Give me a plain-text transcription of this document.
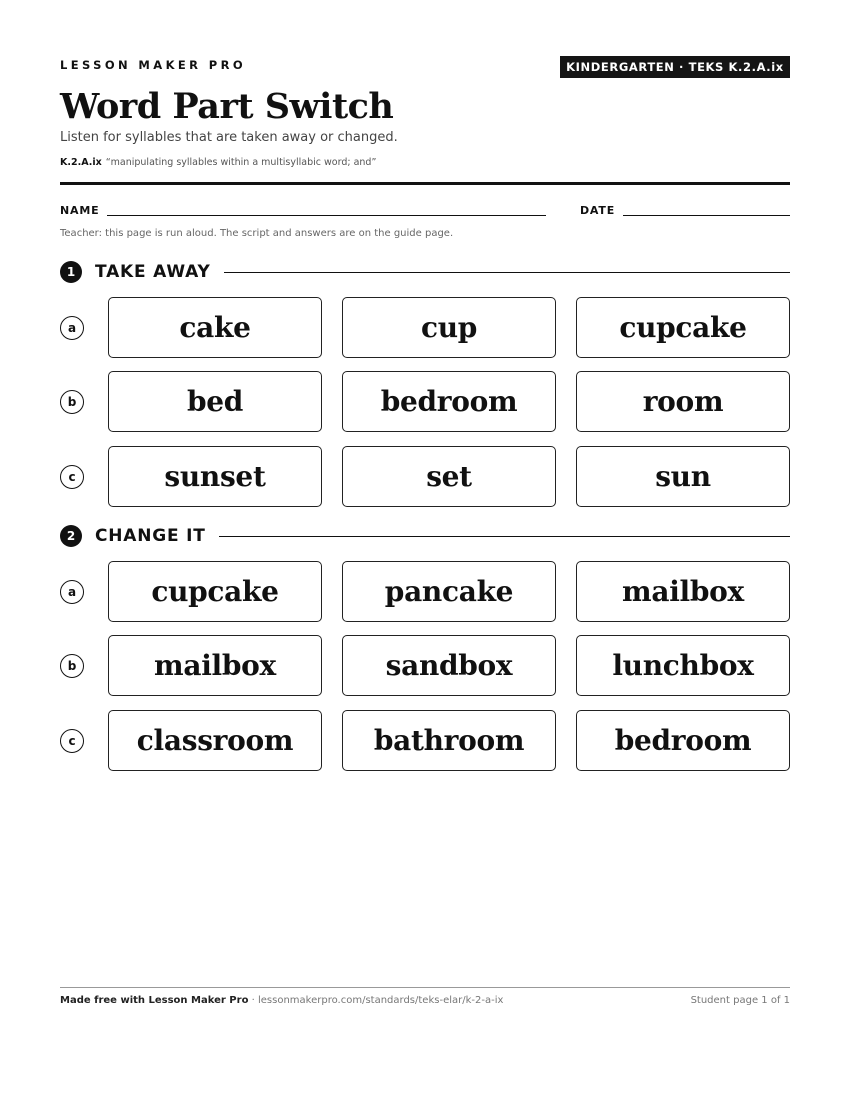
LESSON MAKER PRO	KINDERGARTEN · TEKS K.2.A.ix
Word Part Switch
Listen for syllables that are taken away or changed.
K.2.A.ix “manipulating syllables within a multisyllabic word; and”
NAME	DATE
Teacher: this page is run aloud. The script and answers are on the guide page.
1	TAKE AWAY
a	cake	cup	cupcake
b	bed	bedroom	room
c	sunset	set	sun
2	CHANGE IT
a	cupcake	pancake	mailbox
b	mailbox	sandbox	lunchbox
c	classroom	bathroom	bedroom
Made free with Lesson Maker Pro · lessonmakerpro.com/standards/teks-elar/k-2-a-ix	Student page 1 of 1
